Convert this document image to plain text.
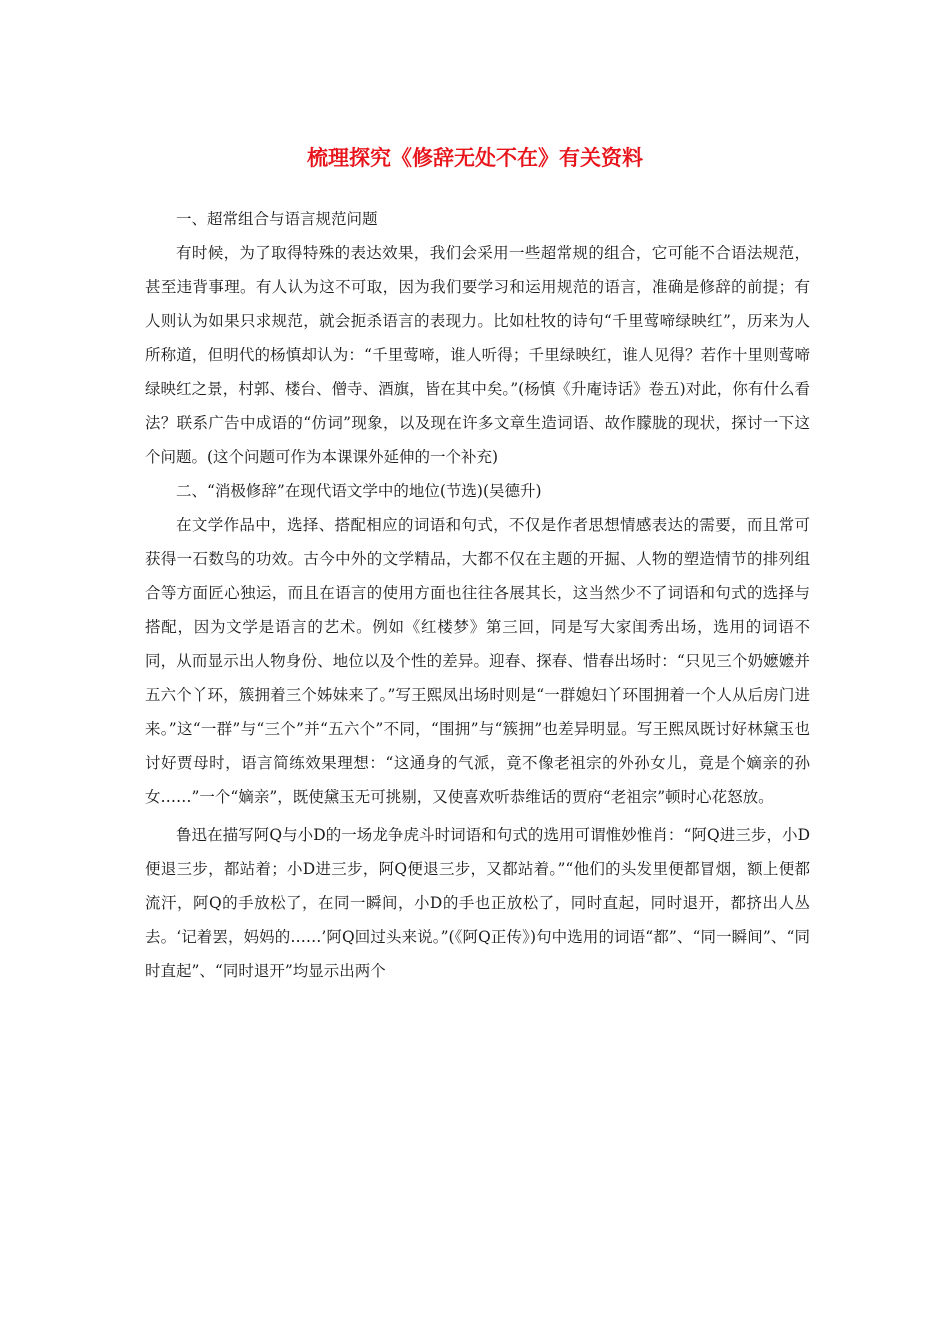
梳理探究《修辞无处不在》有关资料

一、超常组合与语言规范问题

有时候，为了取得特殊的表达效果，我们会采用一些超常规的组合，它可能不合语法规范，甚至违背事理。有人认为这不可取，因为我们要学习和运用规范的语言，准确是修辞的前提；有人则认为如果只求规范，就会扼杀语言的表现力。比如杜牧的诗句“千里莺啼绿映红”，历来为人所称道，但明代的杨慎却认为：“千里莺啼，谁人听得；千里绿映红，谁人见得？若作十里则莺啼绿映红之景，村郭、楼台、僧寺、酒旗，皆在其中矣。”(杨慎《升庵诗话》卷五)对此，你有什么看法？联系广告中成语的“仿词”现象，以及现在许多文章生造词语、故作朦胧的现状，探讨一下这个问题。(这个问题可作为本课课外延伸的一个补充)

二、“消极修辞”在现代语文学中的地位(节选)(吴德升)

在文学作品中，选择、搭配相应的词语和句式，不仅是作者思想情感表达的需要，而且常可获得一石数鸟的功效。古今中外的文学精品，大都不仅在主题的开掘、人物的塑造情节的排列组合等方面匠心独运，而且在语言的使用方面也往往各展其长，这当然少不了词语和句式的选择与搭配，因为文学是语言的艺术。例如《红楼梦》第三回，同是写大家闺秀出场，选用的词语不同，从而显示出人物身份、地位以及个性的差异。迎春、探春、惜春出场时：“只见三个奶嬷嬷并五六个丫环，簇拥着三个姊妹来了。”写王熙凤出场时则是“一群媳妇丫环围拥着一个人从后房门进来。”这“一群”与“三个”并“五六个”不同，“围拥”与“簇拥”也差异明显。写王熙凤既讨好林黛玉也讨好贾母时，语言简练效果理想：“这通身的气派，竟不像老祖宗的外孙女儿，竟是个嫡亲的孙女……”一个“嫡亲”，既使黛玉无可挑剔，又使喜欢听恭维话的贾府“老祖宗”顿时心花怒放。

鲁迅在描写阿Q与小D的一场龙争虎斗时词语和句式的选用可谓惟妙惟肖：“阿Q进三步，小D便退三步，都站着；小D进三步，阿Q便退三步，又都站着。”“他们的头发里便都冒烟，额上便都流汗，阿Q的手放松了，在同一瞬间，小D的手也正放松了，同时直起，同时退开，都挤出人丛去。‘记着罢，妈妈的……’阿Q回过头来说。”(《阿Q正传》)句中选用的词语“都”、“同一瞬间”、“同时直起”、“同时退开”均显示出两个
